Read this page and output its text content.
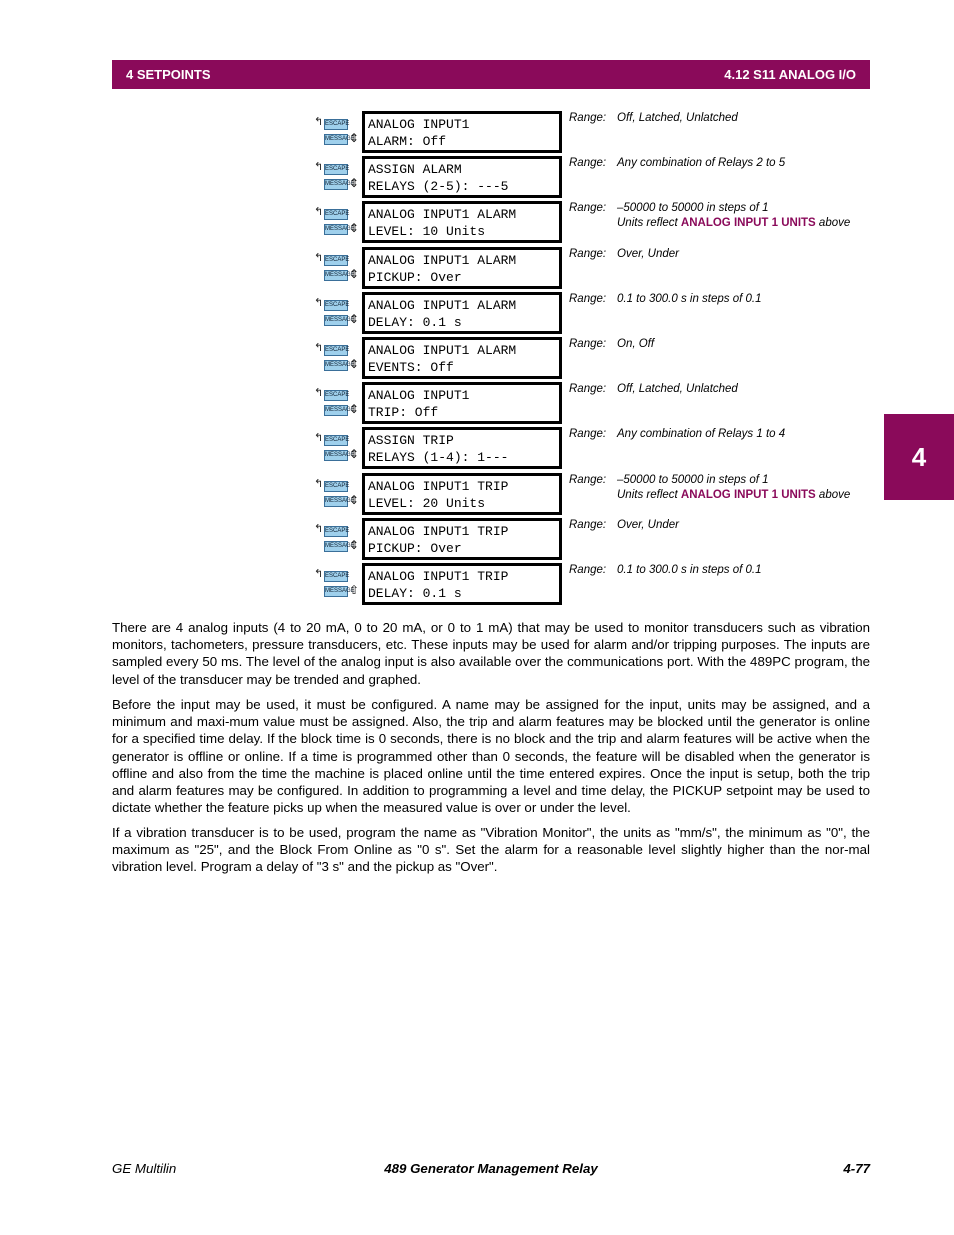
4 SETPOINTS	4.12 S11 ANALOG I/O
4
↰ ESCAPE
MESSAGE
⇕
ANALOG INPUT1
ALARM: Off
Range: Off, Latched, Unlatched
↰ ESCAPE
MESSAGE
⇕
ASSIGN ALARM
RELAYS (2-5): ---5
Range: Any combination of Relays 2 to 5
↰ ESCAPE
MESSAGE
⇕
ANALOG INPUT1 ALARM
LEVEL: 10 Units
Range: –50000 to 50000 in steps of 1
Units reflect ANALOG INPUT 1 UNITS above
↰ ESCAPE
MESSAGE
⇕
ANALOG INPUT1 ALARM
PICKUP: Over
Range: Over, Under
↰ ESCAPE
MESSAGE
⇕
ANALOG INPUT1 ALARM
DELAY: 0.1 s
Range: 0.1 to 300.0 s in steps of 0.1
↰ ESCAPE
MESSAGE
⇕
ANALOG INPUT1 ALARM
EVENTS: Off
Range: On, Off
↰ ESCAPE
MESSAGE
⇕
ANALOG INPUT1
TRIP: Off
Range: Off, Latched, Unlatched
↰ ESCAPE
MESSAGE
⇕
ASSIGN TRIP
RELAYS (1-4): 1---
Range: Any combination of Relays 1 to 4
↰ ESCAPE
MESSAGE
⇕
ANALOG INPUT1 TRIP
LEVEL: 20 Units
Range: –50000 to 50000 in steps of 1
Units reflect ANALOG INPUT 1 UNITS above
↰ ESCAPE
MESSAGE
⇕
ANALOG INPUT1 TRIP
PICKUP: Over
Range: Over, Under
↰ ESCAPE
MESSAGE
⇧
ANALOG INPUT1 TRIP
DELAY: 0.1 s
Range: 0.1 to 300.0 s in steps of 0.1
There are 4 analog inputs (4 to 20 mA, 0 to 20 mA, or 0 to 1 mA) that may be used to monitor transducers such as vibration monitors, tachometers, pressure transducers, etc. These inputs may be used for alarm and/or tripping purposes. The inputs are sampled every 50 ms. The level of the analog input is also available over the communications port. With the 489PC program, the level of the transducer may be trended and graphed.
Before the input may be used, it must be configured. A name may be assigned for the input, units may be assigned, and a minimum and maxi-mum value must be assigned. Also, the trip and alarm features may be blocked until the generator is online for a specified time delay. If the block time is 0 seconds, there is no block and the trip and alarm features will be active when the generator is offline or online. If a time is programmed other than 0 seconds, the feature will be disabled when the generator is offline and also from the time the machine is placed online until the time entered expires. Once the input is setup, both the trip and alarm features may be configured. In addition to programming a level and time delay, the PICKUP setpoint may be used to dictate whether the feature picks up when the measured value is over or under the level.
If a vibration transducer is to be used, program the name as "Vibration Monitor", the units as "mm/s", the minimum as "0", the maximum as "25", and the Block From Online as "0 s". Set the alarm for a reasonable level slightly higher than the nor-mal vibration level. Program a delay of "3 s" and the pickup as "Over".
GE Multilin	489 Generator Management Relay	4-77
